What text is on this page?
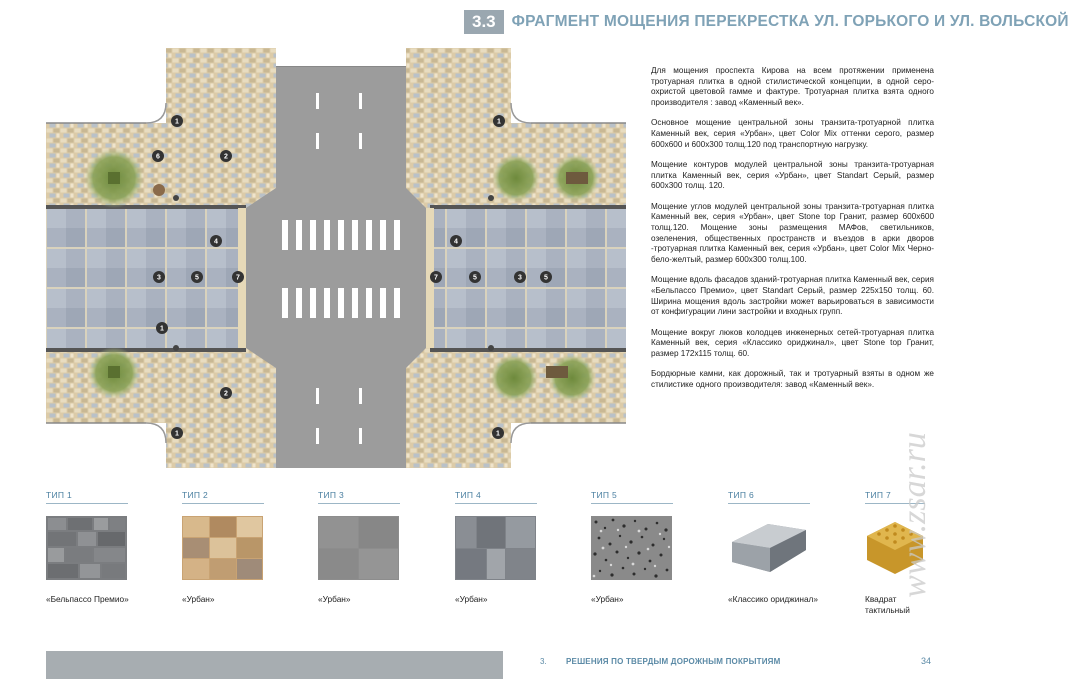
3.3	ФРАГМЕНТ МОЩЕНИЯ ПЕРЕКРЕСТКА УЛ. ГОРЬКОГО И УЛ. ВОЛЬСКОЙ
1
2
6
4
3	5	7
1
2
1
1
4
7	5	3	5
1

Для мощения проспекта Кирова на всем протяжении применена тротуарная плитка в одной стилистической концепции, в одной серо-охристой цветовой гамме и фактуре. Тротуарная плитка взята одного производителя : завод «Каменный век».

Основное мощение центральной зоны транзита-тротуарной плитка Каменный век, серия «Урбан», цвет Color Mix оттенки серого, размер 600х600 и 600х300 толщ.120 под транспортную нагрузку.

Мощение контуров модулей центральной зоны транзита-тротуарная плитка Каменный век, серия «Урбан», цвет Standart Серый, размер 600х300 толщ. 120.

Мощение углов модулей центральной зоны транзита-тротуарная плитка Каменный век, серия «Урбан», цвет Stone top Гранит, размер 600х600 толщ.120. Мощение зоны размещения МАФов, светильников, озеленения, общественных пространств и въездов в арки дворов -тротуарная плитка Каменный век, серия «Урбан», цвет Color Mix Черно-бело-желтый, размер 600х300 толщ.100.

Мощение вдоль фасадов зданий-тротуарная плитка Каменный век, серия «Бельпассо Премио», цвет Standart Серый, размер 225х150 толщ. 60. Ширина мощения вдоль застройки может варьироваться в зависимости от конфигурации лини застройки и входных групп.

Мощение вокруг люков колодцев инженерных сетей-тротуарная плитка Каменный век, серия «Классико ориджинал», цвет Stone top Гранит, размер 172х115 толщ. 60.

Бордюрные камни, как дорожный, так и тротуарный взяты в одном же стилистике одного производителя: завод «Каменный век».

ТИП 1
«Бельпассо Премио»
ТИП 2
«Урбан»
ТИП 3
«Урбан»
ТИП 4
«Урбан»
ТИП 5
«Урбан»
ТИП 6
«Классико ориджинал»
ТИП 7
Квадрат тактильный
3. РЕШЕНИЯ ПО ТВЕРДЫМ ДОРОЖНЫМ ПОКРЫТИЯМ	34
www.zsar.ru
